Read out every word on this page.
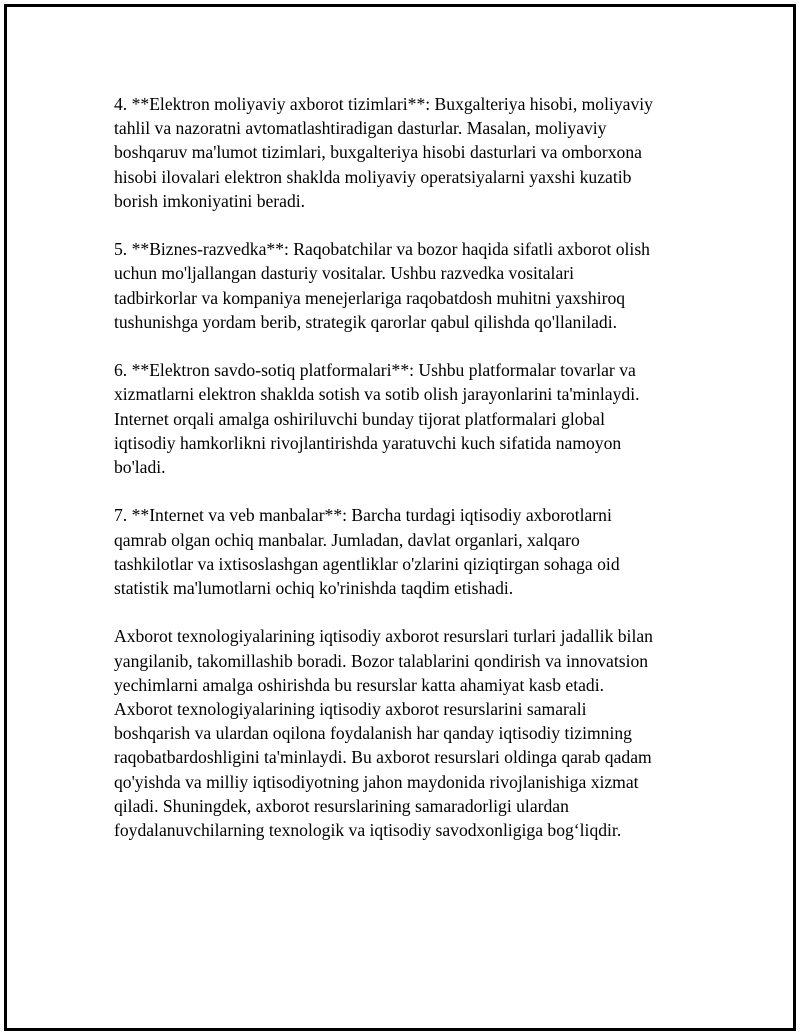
4. **Elektron moliyaviy axborot tizimlari**: Buxgalteriya hisobi, moliyaviy
tahlil va nazoratni avtomatlashtiradigan dasturlar. Masalan, moliyaviy
boshqaruv ma'lumot tizimlari, buxgalteriya hisobi dasturlari va omborxona
hisobi ilovalari elektron shaklda moliyaviy operatsiyalarni yaxshi kuzatib
borish imkoniyatini beradi.

5. **Biznes-razvedka**: Raqobatchilar va bozor haqida sifatli axborot olish
uchun mo'ljallangan dasturiy vositalar. Ushbu razvedka vositalari
tadbirkorlar va kompaniya menejerlariga raqobatdosh muhitni yaxshiroq
tushunishga yordam berib, strategik qarorlar qabul qilishda qo'llaniladi.

6. **Elektron savdo-sotiq platformalari**: Ushbu platformalar tovarlar va
xizmatlarni elektron shaklda sotish va sotib olish jarayonlarini ta'minlaydi.
Internet orqali amalga oshiriluvchi bunday tijorat platformalari global
iqtisodiy hamkorlikni rivojlantirishda yaratuvchi kuch sifatida namoyon
bo'ladi.

7. **Internet va veb manbalar**: Barcha turdagi iqtisodiy axborotlarni
qamrab olgan ochiq manbalar. Jumladan, davlat organlari, xalqaro
tashkilotlar va ixtisoslashgan agentliklar o'zlarini qiziqtirgan sohaga oid
statistik ma'lumotlarni ochiq ko'rinishda taqdim etishadi.

Axborot texnologiyalarining iqtisodiy axborot resurslari turlari jadallik bilan
yangilanib, takomillashib boradi. Bozor talablarini qondirish va innovatsion
yechimlarni amalga oshirishda bu resurslar katta ahamiyat kasb etadi.
Axborot texnologiyalarining iqtisodiy axborot resurslarini samarali
boshqarish va ulardan oqilona foydalanish har qanday iqtisodiy tizimning
raqobatbardoshligini ta'minlaydi. Bu axborot resurslari oldinga qarab qadam
qo'yishda va milliy iqtisodiyotning jahon maydonida rivojlanishiga xizmat
qiladi. Shuningdek, axborot resurslarining samaradorligi ulardan
foydalanuvchilarning texnologik va iqtisodiy savodxonligiga bog‘liqdir.
